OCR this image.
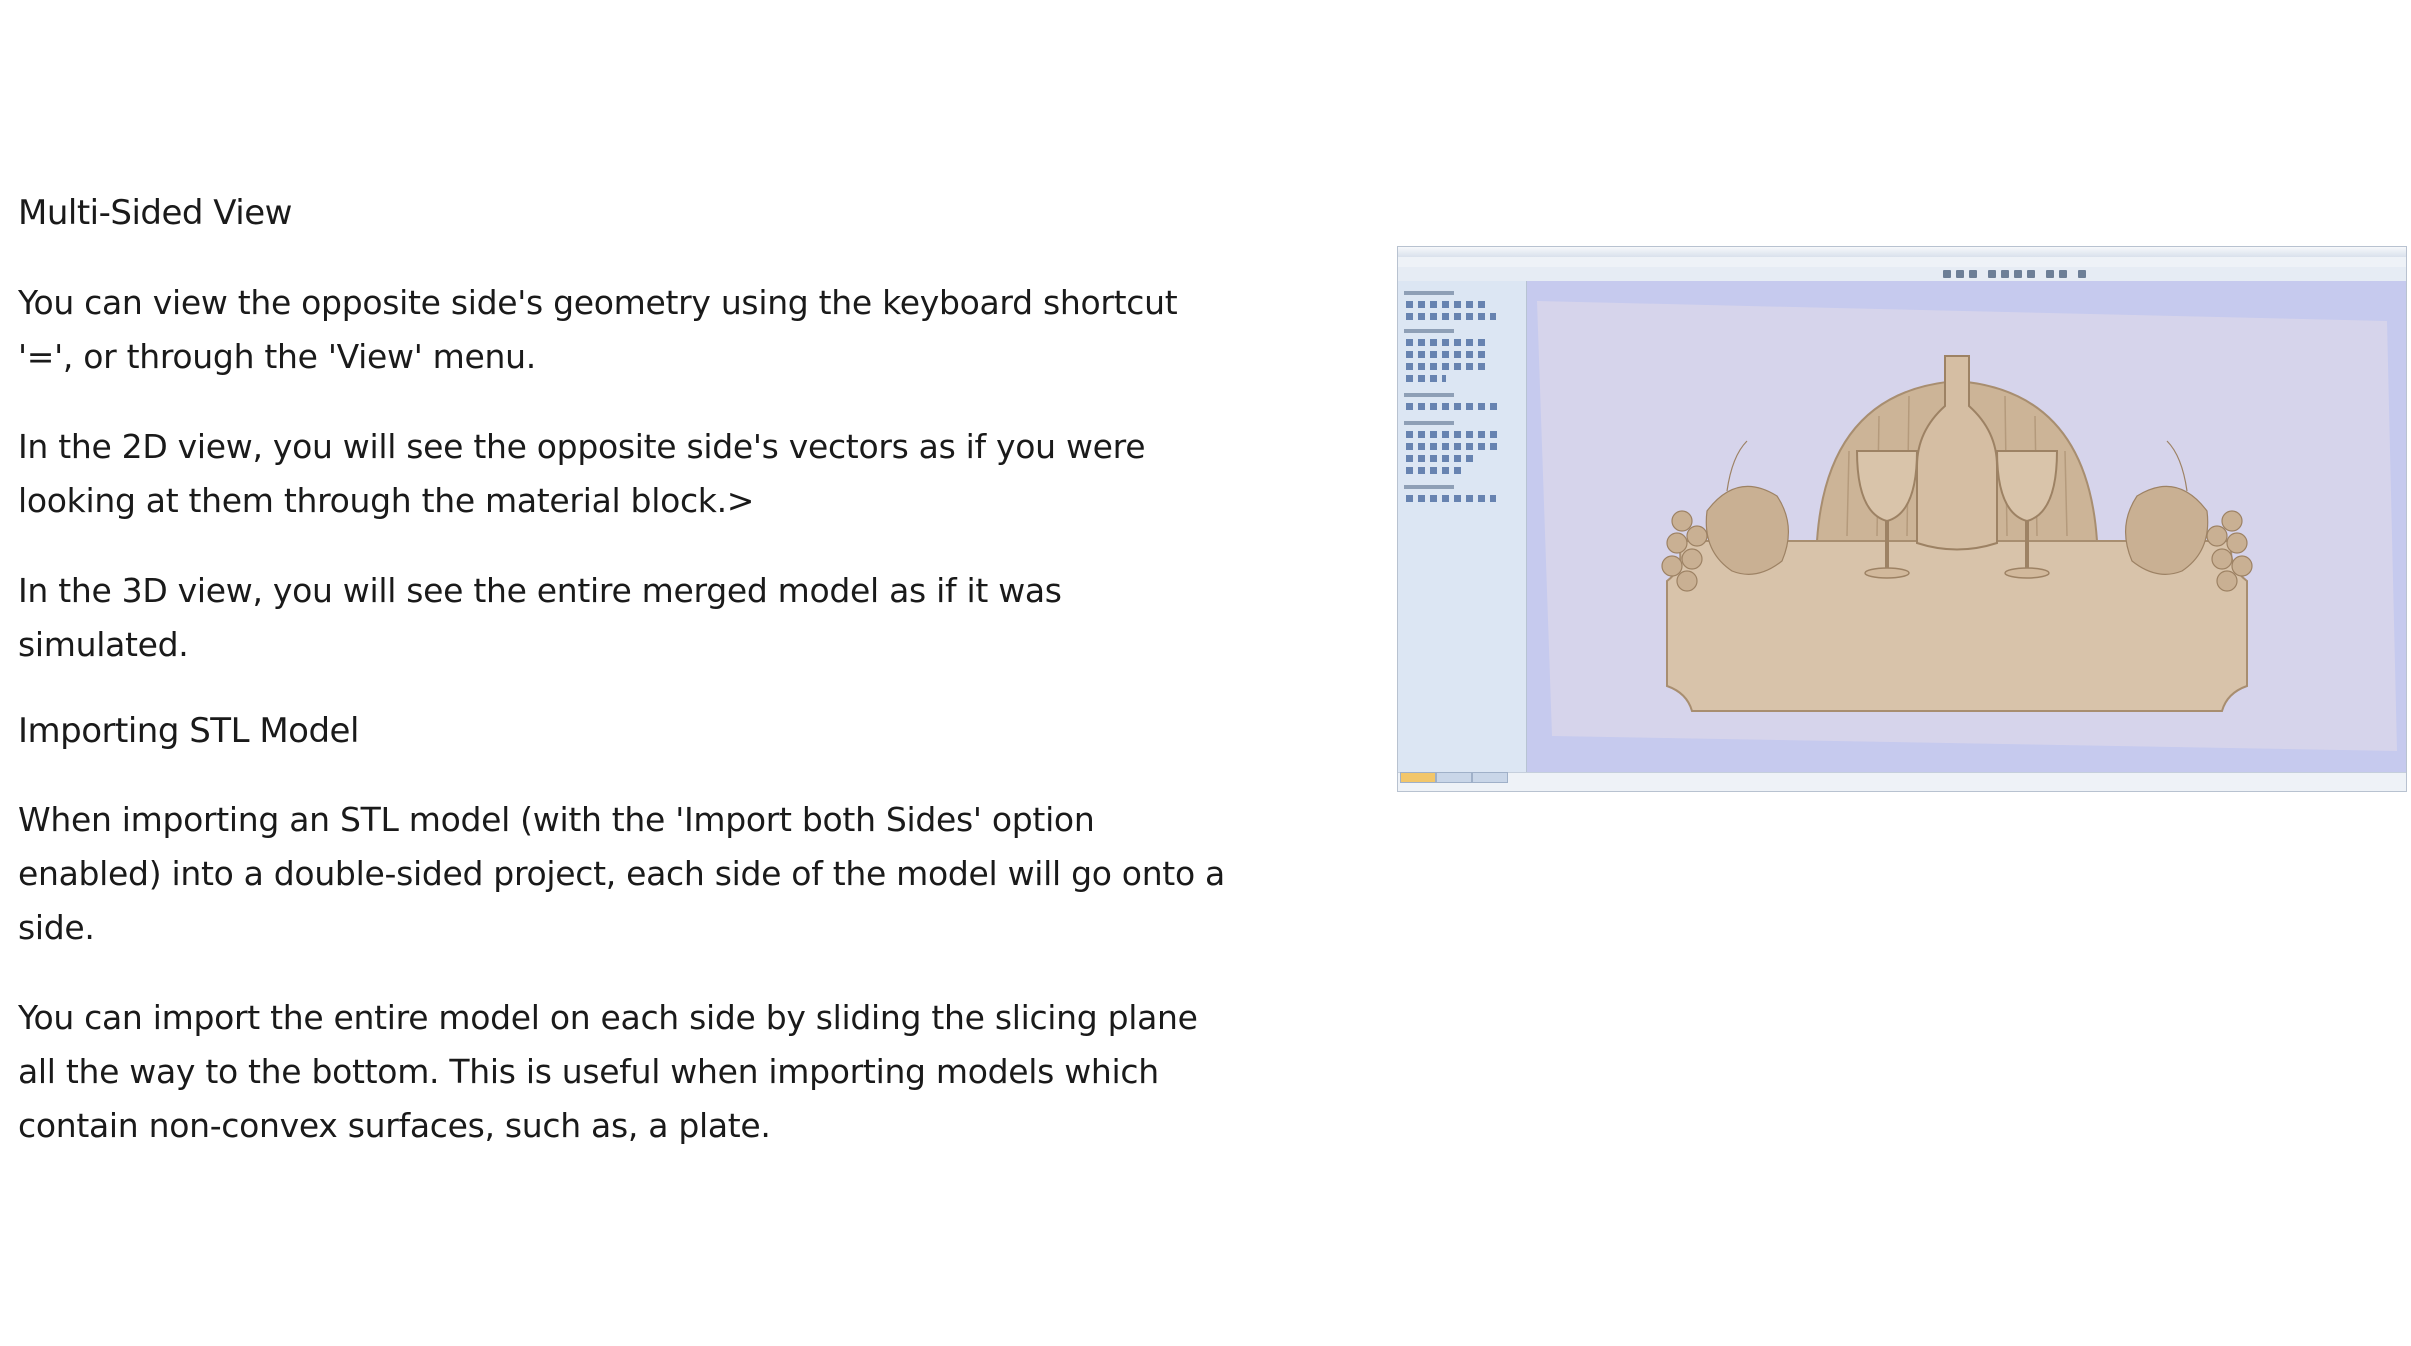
Multi-Sided View

You can view the opposite side's geometry using the keyboard shortcut '=', or through the 'View' menu.

In the 2D view, you will see the opposite side's vectors as if you were looking at them through the material block.>

In the 3D view, you will see the entire merged model as if it was simulated.

Importing STL Model

When importing an STL model (with the 'Import both Sides' option enabled) into a double-sided project, each side of the model will go onto a side.

You can import the entire model on each side by sliding the slicing plane all the way to the bottom. This is useful when importing models which contain non-convex surfaces, such as, a plate.
